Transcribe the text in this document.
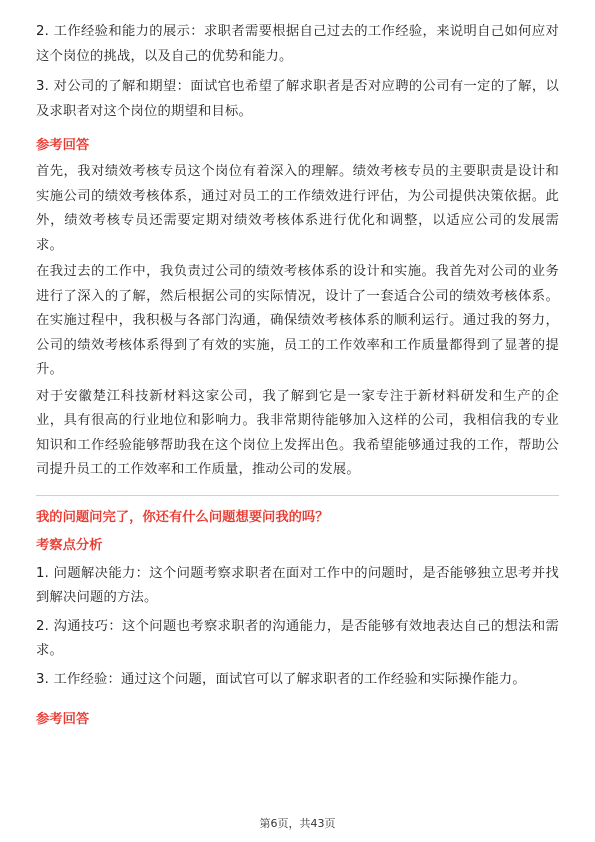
2. 工作经验和能力的展示：求职者需要根据自己过去的工作经验，来说明自己如何应对这个岗位的挑战，以及自己的优势和能力。

3. 对公司的了解和期望：面试官也希望了解求职者是否对应聘的公司有一定的了解，以及求职者对这个岗位的期望和目标。

参考回答

首先，我对绩效考核专员这个岗位有着深入的理解。绩效考核专员的主要职责是设计和实施公司的绩效考核体系，通过对员工的工作绩效进行评估，为公司提供决策依据。此外，绩效考核专员还需要定期对绩效考核体系进行优化和调整，以适应公司的发展需求。

在我过去的工作中，我负责过公司的绩效考核体系的设计和实施。我首先对公司的业务进行了深入的了解，然后根据公司的实际情况，设计了一套适合公司的绩效考核体系。在实施过程中，我积极与各部门沟通，确保绩效考核体系的顺利运行。通过我的努力，公司的绩效考核体系得到了有效的实施，员工的工作效率和工作质量都得到了显著的提升。

对于安徽楚江科技新材料这家公司，我了解到它是一家专注于新材料研发和生产的企业，具有很高的行业地位和影响力。我非常期待能够加入这样的公司，我相信我的专业知识和工作经验能够帮助我在这个岗位上发挥出色。我希望能够通过我的工作，帮助公司提升员工的工作效率和工作质量，推动公司的发展。

我的问题问完了，你还有什么问题想要问我的吗？

考察点分析

1. 问题解决能力：这个问题考察求职者在面对工作中的问题时，是否能够独立思考并找到解决问题的方法。

2. 沟通技巧：这个问题也考察求职者的沟通能力，是否能够有效地表达自己的想法和需求。

3. 工作经验：通过这个问题，面试官可以了解求职者的工作经验和实际操作能力。

参考回答

第6页，共43页
